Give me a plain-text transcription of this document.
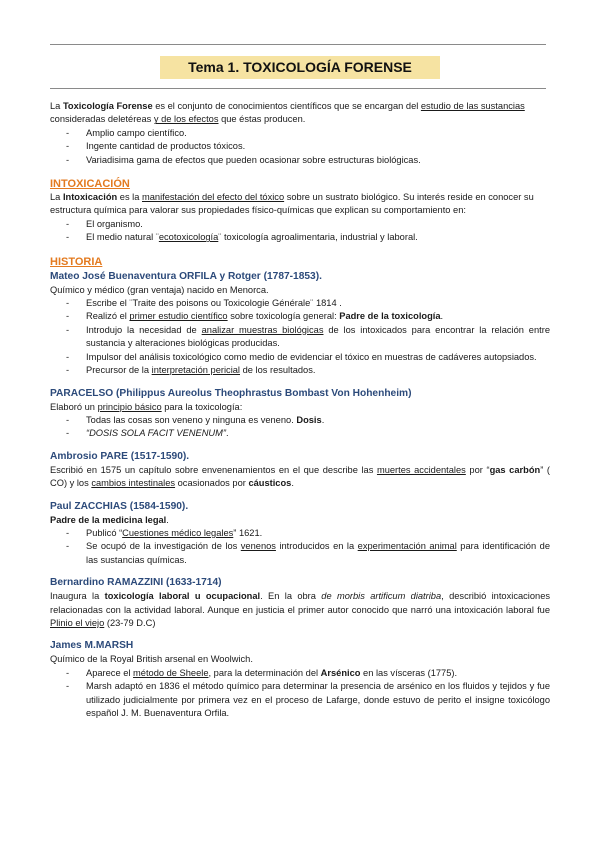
Tema 1. TOXICOLOGÍA FORENSE

La Toxicología Forense es el conjunto de conocimientos científicos que se encargan del estudio de las sustancias consideradas deletéreas y de los efectos que éstas producen.

- Amplio campo científico.
- Ingente cantidad de productos tóxicos.
- Variadisima gama de efectos que pueden ocasionar sobre estructuras biológicas.
INTOXICACIÓN

La Intoxicación es la manifestación del efecto del tóxico sobre un sustrato biológico. Su interés reside en conocer su estructura química para valorar sus propiedades físico-químicas que explican su comportamiento en:

- El organismo.
- El medio natural ¨ecotoxicología¨ toxicología agroalimentaria, industrial y laboral.
HISTORIA
Mateo José Buenaventura ORFILA y Rotger (1787-1853).

Químico y médico (gran ventaja) nacido en Menorca.

- Escribe el ¨Traite des poisons ou Toxicologie Générale¨ 1814 .
- Realizó el primer estudio científico sobre toxicología general: Padre de la toxicología.
- Introdujo la necesidad de analizar muestras biológicas de los intoxicados para encontrar la relación entre sustancia y alteraciones biológicas producidas.
- Impulsor del análisis toxicológico como medio de evidenciar el tóxico en muestras de cadáveres autopsiados.
- Precursor de la interpretación pericial de los resultados.
PARACELSO (Philippus Aureolus Theophrastus Bombast Von Hohenheim)

Elaboró un principio básico para la toxicología:

- Todas las cosas son veneno y ninguna es veneno. Dosis.
- “DOSIS SOLA FACIT VENENUM”.
Ambrosio PARE (1517-1590).

Escribió en 1575 un capítulo sobre envenenamientos en el que describe las muertes accidentales por “gas carbón” ( CO) y los cambios intestinales ocasionados por cáusticos.

Paul ZACCHIAS (1584-1590).

Padre de la medicina legal.

- Publicó “Cuestiones médico legales” 1621.
- Se ocupó de la investigación de los venenos introducidos en la experimentación animal para identificación de las sustancias químicas.
Bernardino RAMAZZINI (1633-1714)

Inaugura la toxicología laboral u ocupacional. En la obra de morbis artificum diatriba, describió intoxicaciones relacionadas con la actividad laboral. Aunque en justicia el primer autor conocido que narró una intoxicación laboral fue Plinio el viejo (23-79 D.C)

James M.MARSH

Químico de la Royal British arsenal en Woolwich.

- Aparece el método de Sheele, para la determinación del Arsénico en las vísceras (1775).
- Marsh adaptó en 1836 el método químico para determinar la presencia de arsénico en los fluidos y tejidos y fue utilizado judicialmente por primera vez en el proceso de Lafarge, donde estuvo de perito el insigne toxicólogo español J. M. Buenaventura Orfila.
